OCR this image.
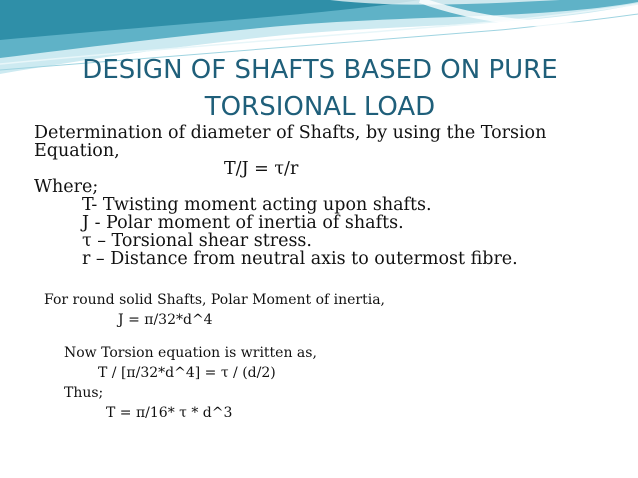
DESIGN OF SHAFTS BASED ON PURE
TORSIONAL LOAD
Determination of diameter of Shafts, by using the Torsion
Equation,
T/J = τ/r
Where;
T- Twisting moment acting upon shafts.
J - Polar moment of inertia of shafts.
τ – Torsional shear stress.
r – Distance from neutral axis to outermost fibre.
For round solid Shafts, Polar Moment of inertia,
J = π/32*d^4
Now Torsion equation is written as,
T / [π/32*d^4] = τ / (d/2)
Thus;
T = π/16* τ * d^3
